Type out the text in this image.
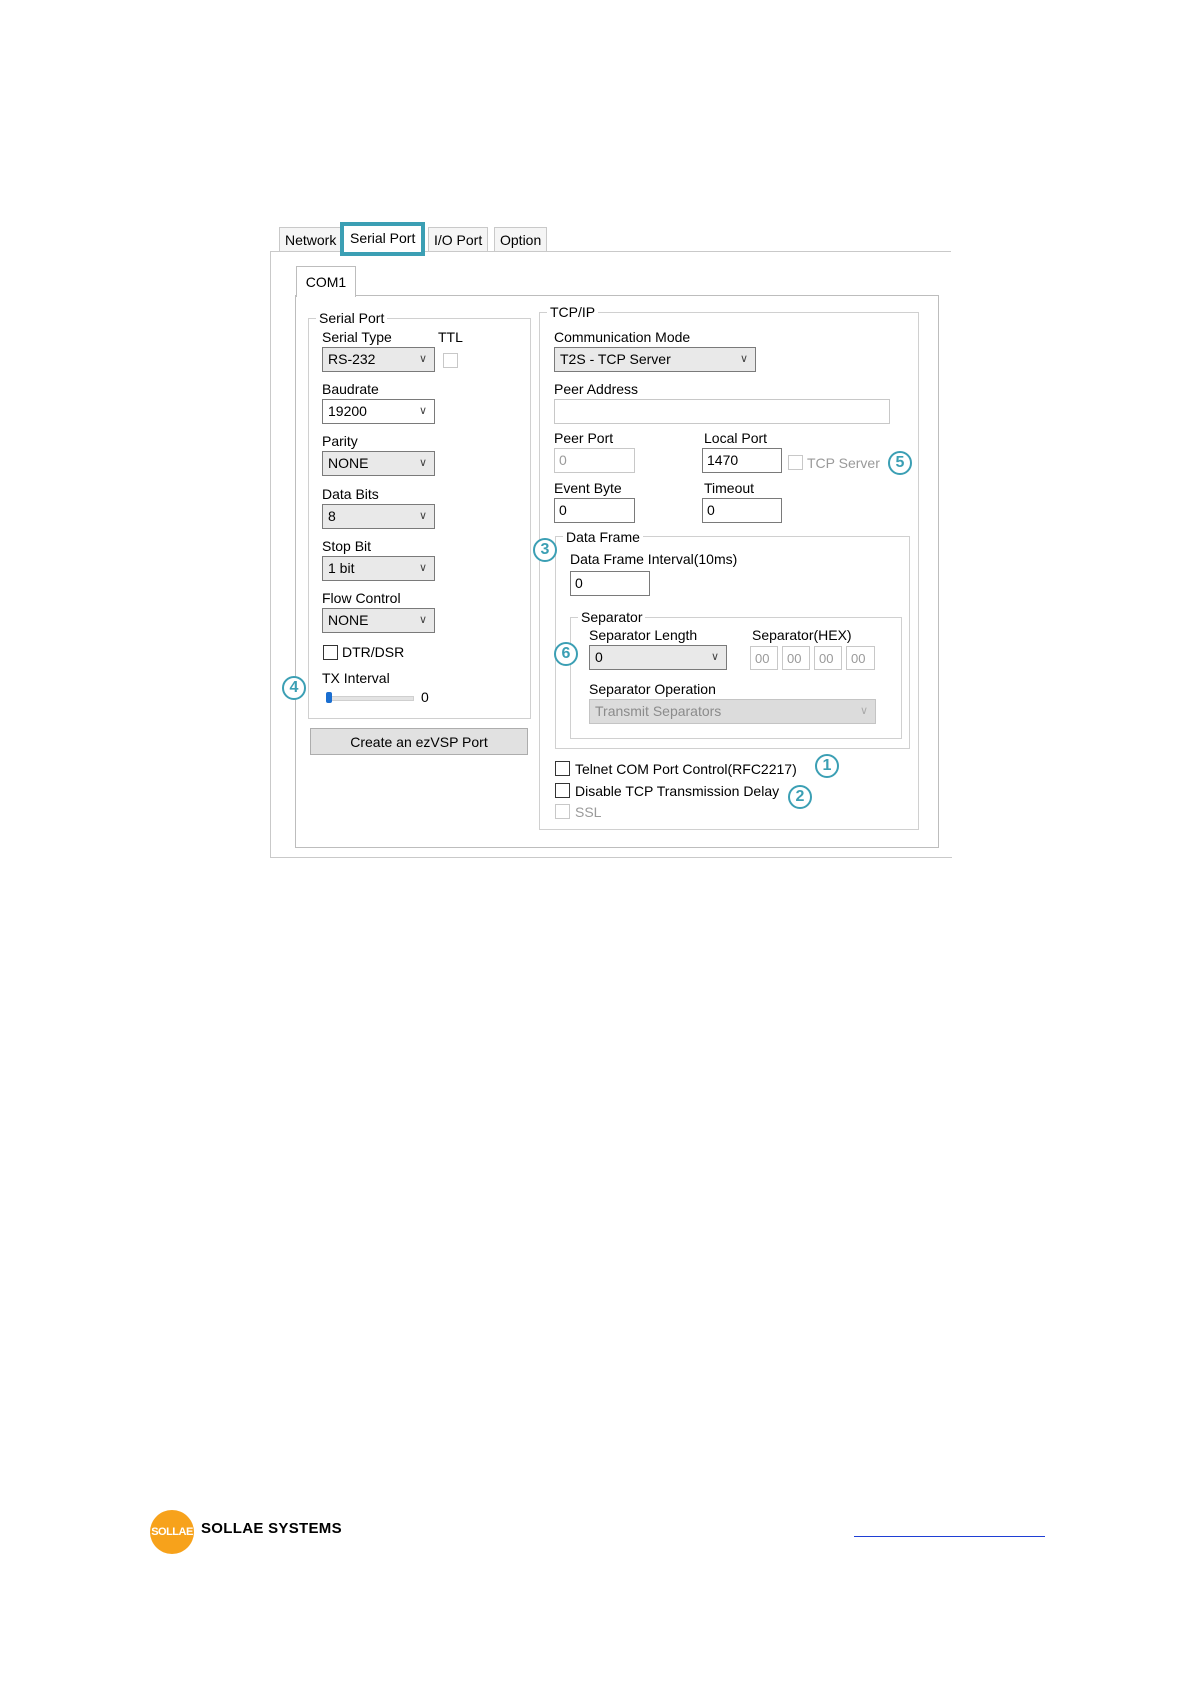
Network Serial Port	I/O Port	Option
COM1
Serial Port
Serial Type	TTL
RS-232	∨
Baudrate
19200	∨
Parity
NONE	∨
Data Bits
8	∨
Stop Bit
1 bit	∨
Flow Control
NONE	∨
DTR/DSR
TX Interval
0
Create an ezVSP Port
TCP/IP
Communication Mode
T2S - TCP Server	∨
Peer Address
Peer Port
0
Local Port
1470	TCP Server 5
Event Byte
0
Timeout
0
Data Frame
3
Data Frame Interval(10ms)
0
Separator
Separator Length
0	∨
6
Separator(HEX)
00	00	00	00
Separator Operation
Transmit Separators	∨
Telnet COM Port Control(RFC2217)	1
Disable TCP Transmission Delay	2
SSL
4
SOLLAE SOLLAE SYSTEMS
